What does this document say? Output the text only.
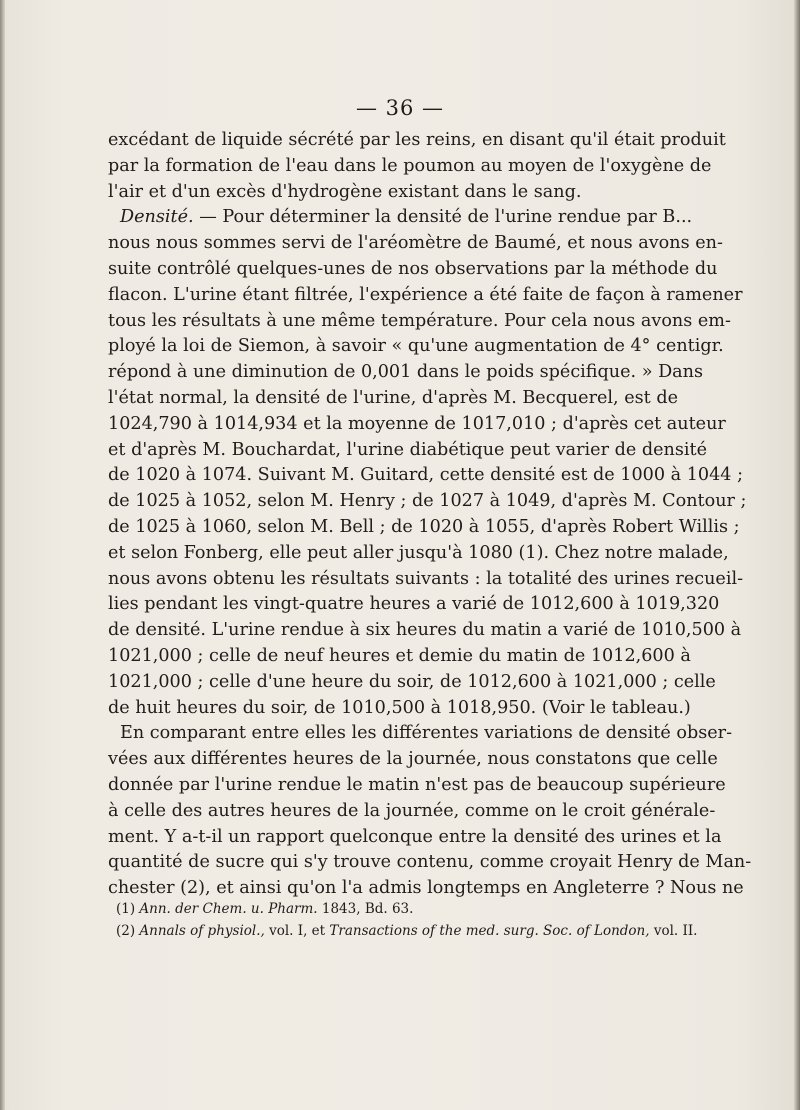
— 36 —
excédant de liquide sécrété par les reins, en disant qu'il était produit
par la formation de l'eau dans le poumon au moyen de l'oxygène de
l'air et d'un excès d'hydrogène existant dans le sang.
Densité. — Pour déterminer la densité de l'urine rendue par B...
nous nous sommes servi de l'aréomètre de Baumé, et nous avons en-
suite contrôlé quelques-unes de nos observations par la méthode du
flacon. L'urine étant filtrée, l'expérience a été faite de façon à ramener
tous les résultats à une même température. Pour cela nous avons em-
ployé la loi de Siemon, à savoir « qu'une augmentation de 4° centigr.
répond à une diminution de 0,001 dans le poids spécifique. » Dans
l'état normal, la densité de l'urine, d'après M. Becquerel, est de
1024,790 à 1014,934 et la moyenne de 1017,010 ; d'après cet auteur
et d'après M. Bouchardat, l'urine diabétique peut varier de densité
de 1020 à 1074. Suivant M. Guitard, cette densité est de 1000 à 1044 ;
de 1025 à 1052, selon M. Henry ; de 1027 à 1049, d'après M. Contour ;
de 1025 à 1060, selon M. Bell ; de 1020 à 1055, d'après Robert Willis ;
et selon Fonberg, elle peut aller jusqu'à 1080 (1). Chez notre malade,
nous avons obtenu les résultats suivants : la totalité des urines recueil-
lies pendant les vingt-quatre heures a varié de 1012,600 à 1019,320
de densité. L'urine rendue à six heures du matin a varié de 1010,500 à
1021,000 ; celle de neuf heures et demie du matin de 1012,600 à
1021,000 ; celle d'une heure du soir, de 1012,600 à 1021,000 ; celle
de huit heures du soir, de 1010,500 à 1018,950. (Voir le tableau.)
En comparant entre elles les différentes variations de densité obser-
vées aux différentes heures de la journée, nous constatons que celle
donnée par l'urine rendue le matin n'est pas de beaucoup supérieure
à celle des autres heures de la journée, comme on le croit générale-
ment. Y a-t-il un rapport quelconque entre la densité des urines et la
quantité de sucre qui s'y trouve contenu, comme croyait Henry de Man-
chester (2), et ainsi qu'on l'a admis longtemps en Angleterre ? Nous ne
(1) Ann. der Chem. u. Pharm. 1843, Bd. 63.
(2) Annals of physiol., vol. I, et Transactions of the med. surg. Soc. of London, vol. II.
